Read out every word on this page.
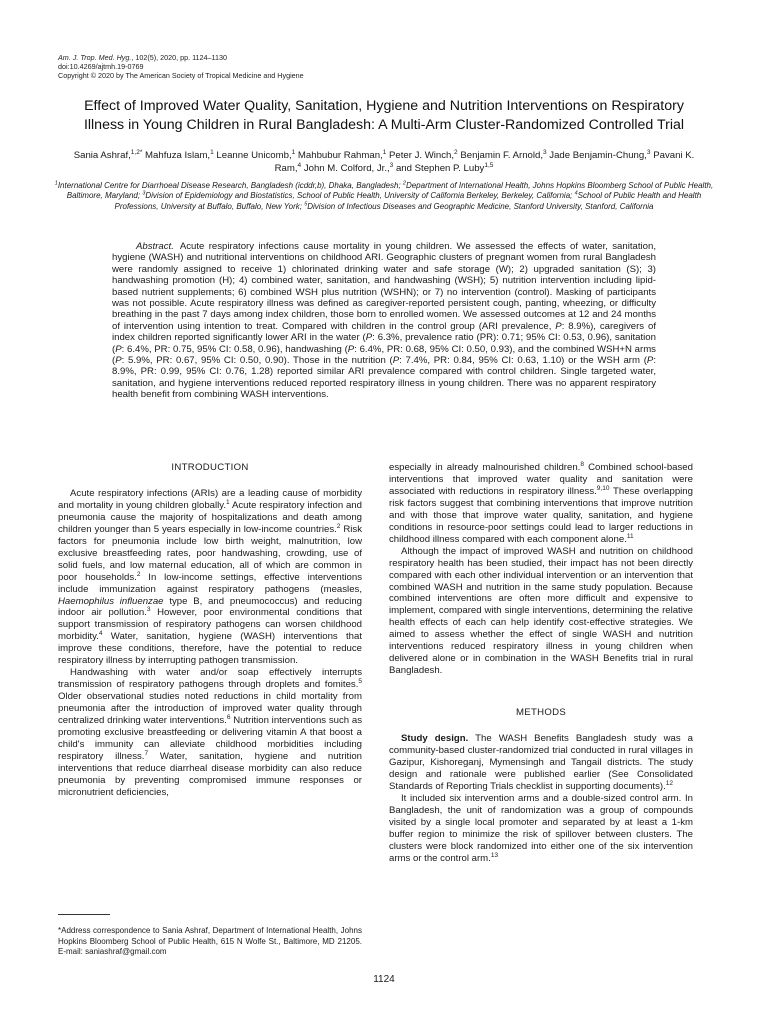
Am. J. Trop. Med. Hyg., 102(5), 2020, pp. 1124–1130
doi:10.4269/ajtmh.19-0769
Copyright © 2020 by The American Society of Tropical Medicine and Hygiene
Effect of Improved Water Quality, Sanitation, Hygiene and Nutrition Interventions on Respiratory
Illness in Young Children in Rural Bangladesh: A Multi-Arm Cluster-Randomized Controlled Trial
Sania Ashraf,$^{1,2*}$ Mahfuza Islam,$^1$ Leanne Unicomb,$^1$ Mahbubur Rahman,$^1$ Peter J. Winch,$^2$ Benjamin F. Arnold,$^3$ Jade Benjamin-Chung,$^3$ Pavani K. Ram,$^4$ John M. Colford, Jr.,$^3$ and Stephen P. Luby$^{1,5}$
$^1$International Centre for Diarrhoeal Disease Research, Bangladesh (icddr,b), Dhaka, Bangladesh; $^2$Department of International Health, Johns Hopkins Bloomberg School of Public Health, Baltimore, Maryland; $^3$Division of Epidemiology and Biostatistics, School of Public Health, University of California Berkeley, Berkeley, California; $^4$School of Public Health and Health Professions, University at Buffalo, Buffalo, New York; $^5$Division of Infectious Diseases and Geographic Medicine, Stanford University, Stanford, California
Abstract. Acute respiratory infections cause mortality in young children. We assessed the effects of water, sanitation, hygiene (WASH) and nutritional interventions on childhood ARI. Geographic clusters of pregnant women from rural Bangladesh were randomly assigned to receive 1) chlorinated drinking water and safe storage (W); 2) upgraded sanitation (S); 3) handwashing promotion (H); 4) combined water, sanitation, and handwashing (WSH); 5) nutrition intervention including lipid-based nutrient supplements; 6) combined WSH plus nutrition (WSHN); or 7) no intervention (control). Masking of participants was not possible. Acute respiratory illness was defined as caregiver-reported persistent cough, panting, wheezing, or difficulty breathing in the past 7 days among index children, those born to enrolled women. We assessed outcomes at 12 and 24 months of intervention using intention to treat. Compared with children in the control group (ARI prevalence, P: 8.9%), caregivers of index children reported significantly lower ARI in the water (P: 6.3%, prevalence ratio (PR): 0.71; 95% CI: 0.53, 0.96), sanitation (P: 6.4%, PR: 0.75, 95% CI: 0.58, 0.96), handwashing (P: 6.4%, PR: 0.68, 95% CI: 0.50, 0.93), and the combined WSH+N arms (P: 5.9%, PR: 0.67, 95% CI: 0.50, 0.90). Those in the nutrition (P: 7.4%, PR: 0.84, 95% CI: 0.63, 1.10) or the WSH arm (P: 8.9%, PR: 0.99, 95% CI: 0.76, 1.28) reported similar ARI prevalence compared with control children. Single targeted water, sanitation, and hygiene interventions reduced reported respiratory illness in young children. There was no apparent respiratory health benefit from combining WASH interventions.
INTRODUCTION

Acute respiratory infections (ARIs) are a leading cause of morbidity and mortality in young children globally.$^1$ Acute respiratory infection and pneumonia cause the majority of hospitalizations and death among children younger than 5 years especially in low-income countries.$^2$ Risk factors for pneumonia include low birth weight, malnutrition, low exclusive breastfeeding rates, poor handwashing, crowding, use of solid fuels, and low maternal education, all of which are common in poor households.$^2$ In low-income settings, effective interventions include immunization against respiratory pathogens (measles, Haemophilus influenzae type B, and pneumococcus) and reducing indoor air pollution.$^3$ However, poor environmental conditions that support transmission of respiratory pathogens can worsen childhood morbidity.$^4$ Water, sanitation, hygiene (WASH) interventions that improve these conditions, therefore, have the potential to reduce respiratory illness by interrupting pathogen transmission.

Handwashing with water and/or soap effectively interrupts transmission of respiratory pathogens through droplets and fomites.$^5$ Older observational studies noted reductions in child mortality from pneumonia after the introduction of improved water quality through centralized drinking water interventions.$^6$ Nutrition interventions such as promoting exclusive breastfeeding or delivering vitamin A that boost a child's immunity can alleviate childhood morbidities including respiratory illness.$^7$ Water, sanitation, hygiene and nutrition interventions that reduce diarrheal disease morbidity can also reduce pneumonia by preventing compromised immune responses or micronutrient deficiencies,

especially in already malnourished children.$^8$ Combined school-based interventions that improved water quality and sanitation were associated with reductions in respiratory illness.$^{9,10}$ These overlapping risk factors suggest that combining interventions that improve nutrition and with those that improve water quality, sanitation, and hygiene conditions in resource-poor settings could lead to larger reductions in childhood illness compared with each component alone.$^{11}$

Although the impact of improved WASH and nutrition on childhood respiratory health has been studied, their impact has not been directly compared with each other individual intervention or an intervention that combined WASH and nutrition in the same study population. Because combined interventions are often more difficult and expensive to implement, compared with single interventions, determining the relative health effects of each can help identify cost-effective strategies. We aimed to assess whether the effect of single WASH and nutrition interventions reduced respiratory illness in young children when delivered alone or in combination in the WASH Benefits trial in rural Bangladesh.

METHODS

Study design. The WASH Benefits Bangladesh study was a community-based cluster-randomized trial conducted in rural villages in Gazipur, Kishoreganj, Mymensingh and Tangail districts. The study design and rationale were published earlier (See Consolidated Standards of Reporting Trials checklist in supporting documents).$^{12}$

It included six intervention arms and a double-sized control arm. In Bangladesh, the unit of randomization was a group of compounds visited by a single local promoter and separated by at least a 1-km buffer region to minimize the risk of spillover between clusters. The clusters were block randomized into either one of the six intervention arms or the control arm.$^{13}$

*Address correspondence to Sania Ashraf, Department of International Health, Johns Hopkins Bloomberg School of Public Health, 615 N Wolfe St., Baltimore, MD 21205. E-mail: saniashraf@gmail.com
1124
